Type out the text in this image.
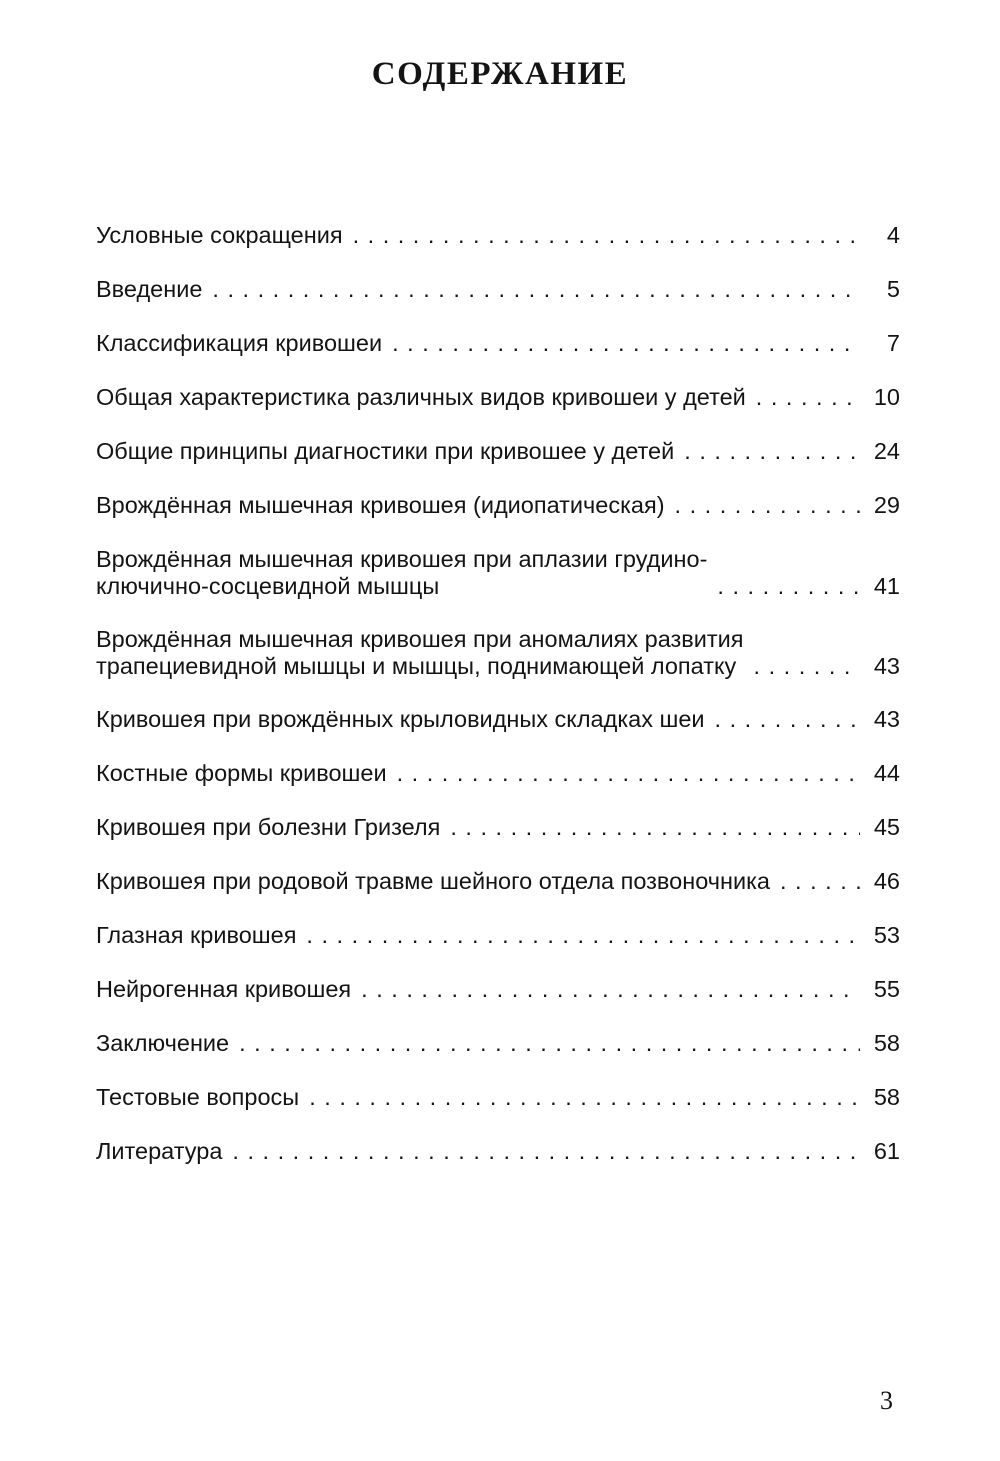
СОДЕРЖАНИЕ
Условные сокращения . . .	4
Введение . . .	5
Классификация кривошеи . . .	7
Общая характеристика различных видов кривошеи у детей . . .	10
Общие принципы диагностики при кривошее у детей . . .	24
Врождённая мышечная кривошея (идиопатическая) . . .	29
Врождённая мышечная кривошея при аплазии грудино-
ключично-сосцевидной мышцы . . .	41
Врождённая мышечная кривошея при аномалиях развития
трапециевидной мышцы и мышцы, поднимающей лопатку . . .	43
Кривошея при врождённых крыловидных складках шеи . . .	43
Костные формы кривошеи . . .	44
Кривошея при болезни Гризеля . . .	45
Кривошея при родовой травме шейного отдела позвоночника . . .	46
Глазная кривошея . . .	53
Нейрогенная кривошея . . .	55
Заключение . . .	58
Тестовые вопросы . . .	58
Литература . . .	61
3
